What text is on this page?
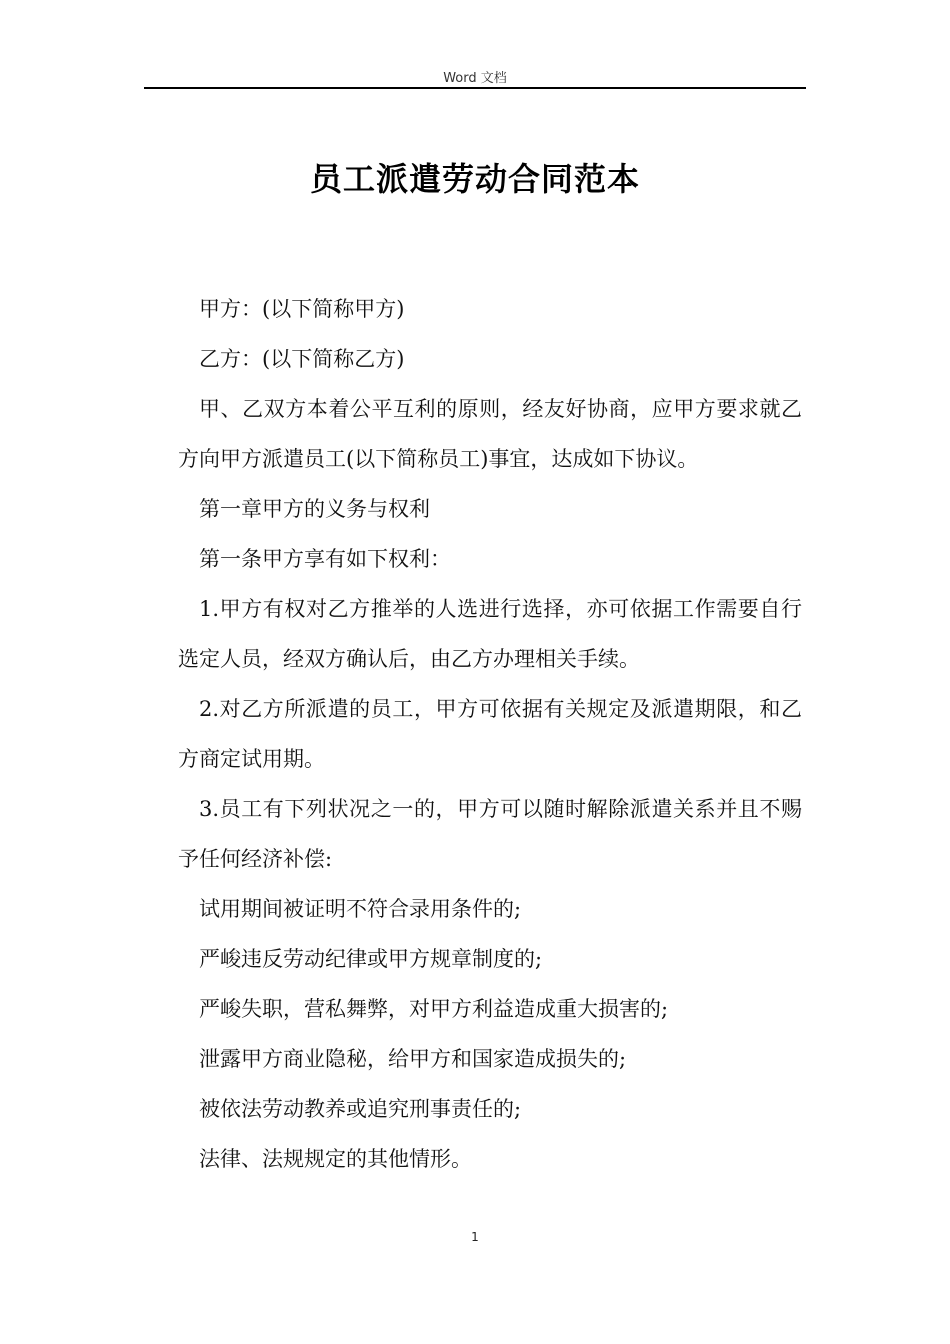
Word 文档
员工派遣劳动合同范本

甲方：(以下简称甲方)

乙方：(以下简称乙方)

甲、乙双方本着公平互利的原则，经友好协商，应甲方要求就乙方向甲方派遣员工(以下简称员工)事宜，达成如下协议。

第一章甲方的义务与权利

第一条甲方享有如下权利：

1.甲方有权对乙方推举的人选进行选择，亦可依据工作需要自行选定人员，经双方确认后，由乙方办理相关手续。

2.对乙方所派遣的员工，甲方可依据有关规定及派遣期限，和乙方商定试用期。

3.员工有下列状况之一的，甲方可以随时解除派遣关系并且不赐予任何经济补偿:

试用期间被证明不符合录用条件的;

严峻违反劳动纪律或甲方规章制度的;

严峻失职，营私舞弊，对甲方利益造成重大损害的;

泄露甲方商业隐秘，给甲方和国家造成损失的;

被依法劳动教养或追究刑事责任的;

法律、法规规定的其他情形。

1
